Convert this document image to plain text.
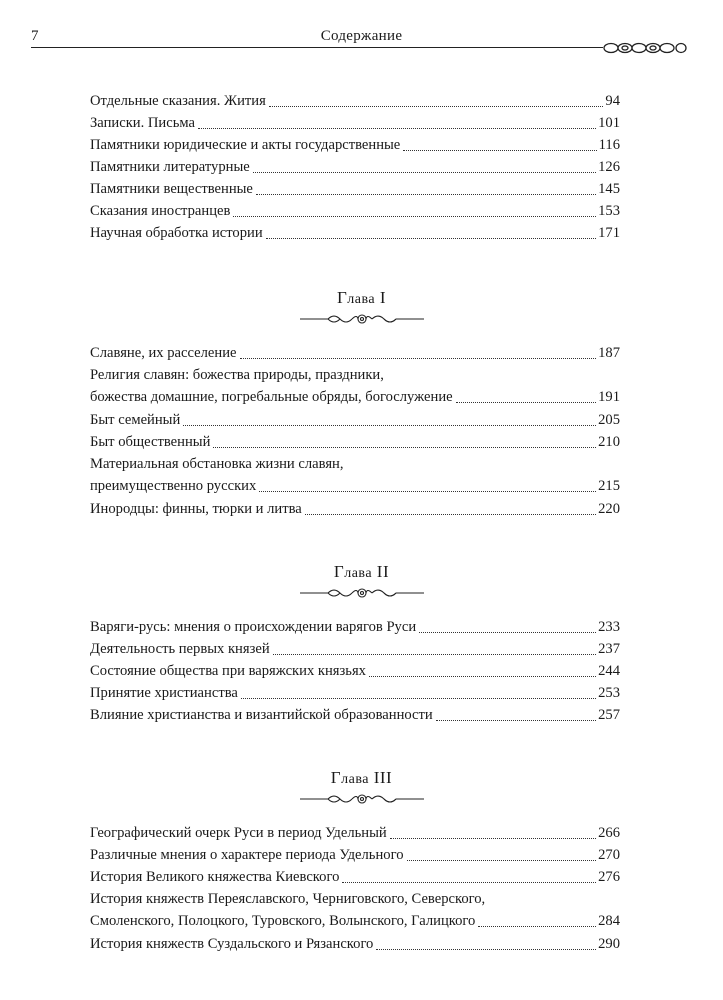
7	Содержание
Отдельные сказания. Жития	94
Записки. Письма	101
Памятники юридические и акты государственные	116
Памятники литературные	126
Памятники вещественные	145
Сказания иностранцев	153
Научная обработка истории	171
Глава I
Славяне, их расселение	187
Религия славян: божества природы, праздники,
божества домашние, погребальные обряды, богослужение	191
Быт семейный	205
Быт общественный	210
Материальная обстановка жизни славян,
преимущественно русских	215
Инородцы: финны, тюрки и литва	220
Глава II
Варяги-русь: мнения о происхождении варягов Руси	233
Деятельность первых князей	237
Состояние общества при варяжских князьях	244
Принятие христианства	253
Влияние христианства и византийской образованности	257
Глава III
Географический очерк Руси в период Удельный	266
Различные мнения о характере периода Удельного	270
История Великого княжества Киевского	276
История княжеств Переяславского, Черниговского, Северского,
Смоленского, Полоцкого, Туровского, Волынского, Галицкого	284
История княжеств Суздальского и Рязанского	290
